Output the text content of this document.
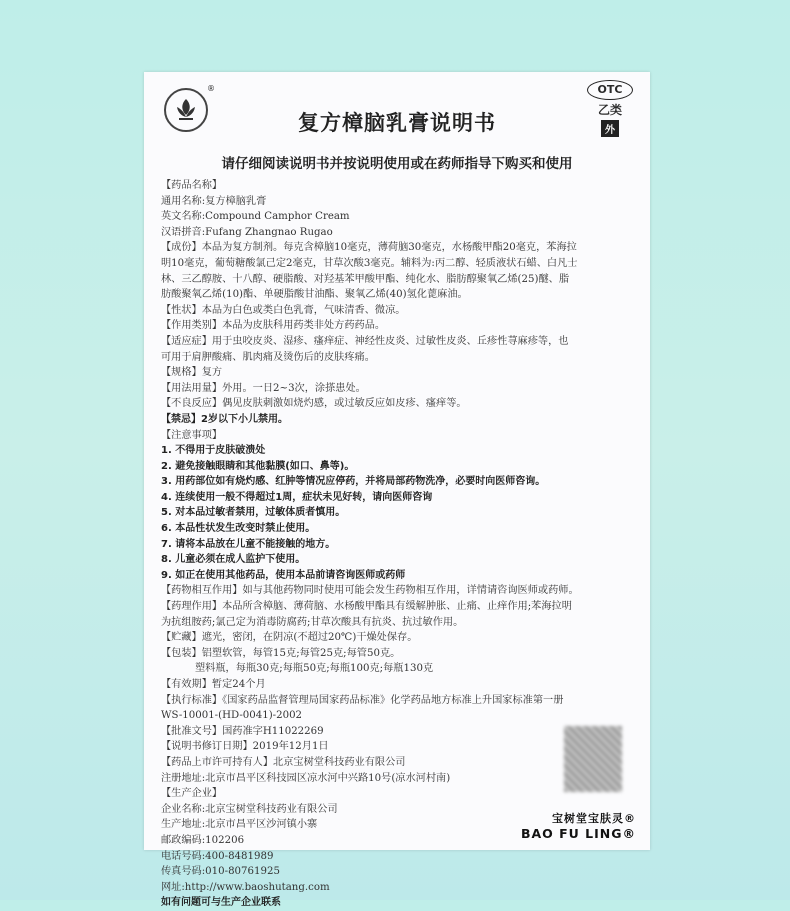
®
复方樟脑乳膏说明书
OTC
乙类
外
请仔细阅读说明书并按说明使用或在药师指导下购买和使用
【药品名称】
通用名称:复方樟脑乳膏
英文名称:Compound Camphor Cream
汉语拼音:Fufang Zhangnao Rugao
【成份】本品为复方制剂。每克含樟脑10毫克，薄荷脑30毫克，水杨酸甲酯20毫克，苯海拉
明10毫克，葡萄糖酸氯己定2毫克，甘草次酸3毫克。辅料为:丙二醇、轻质液状石蜡、白凡士
林、三乙醇胺、十八醇、硬脂酸、对羟基苯甲酸甲酯、纯化水、脂肪醇聚氧乙烯(25)醚、脂
肪酸聚氧乙烯(10)酯、单硬脂酸甘油酯、聚氧乙烯(40)氢化蓖麻油。
【性状】本品为白色或类白色乳膏，气味清香、微凉。
【作用类别】本品为皮肤科用药类非处方药药品。
【适应症】用于虫咬皮炎、湿疹、瘙痒症、神经性皮炎、过敏性皮炎、丘疹性荨麻疹等，也
可用于肩胛酸痛、肌肉痛及烫伤后的皮肤疼痛。
【规格】复方
【用法用量】外用。一日2~3次，涂搽患处。
【不良反应】偶见皮肤刺激如烧灼感，或过敏反应如皮疹、瘙痒等。
【禁忌】2岁以下小儿禁用。
【注意事项】
1. 不得用于皮肤破溃处
2. 避免接触眼睛和其他黏膜(如口、鼻等)。
3. 用药部位如有烧灼感、红肿等情况应停药，并将局部药物洗净，必要时向医师咨询。
4. 连续使用一般不得超过1周，症状未见好转，请向医师咨询
5. 对本品过敏者禁用，过敏体质者慎用。
6. 本品性状发生改变时禁止使用。
7. 请将本品放在儿童不能接触的地方。
8. 儿童必须在成人监护下使用。
9. 如正在使用其他药品，使用本品前请咨询医师或药师
【药物相互作用】如与其他药物同时使用可能会发生药物相互作用，详情请咨询医师或药师。
【药理作用】本品所含樟脑、薄荷脑、水杨酸甲酯具有缓解肿胀、止痛、止痒作用;苯海拉明
为抗组胺药;氯己定为消毒防腐药;甘草次酸具有抗炎、抗过敏作用。
【贮藏】遮光，密闭，在阴凉(不超过20℃)干燥处保存。
【包装】铝塑软管，每管15克;每管25克;每管50克。
塑料瓶，每瓶30克;每瓶50克;每瓶100克;每瓶130克
【有效期】暂定24个月
【执行标准】《国家药品监督管理局国家药品标准》化学药品地方标准上升国家标准第一册
WS-10001-(HD-0041)-2002
【批准文号】国药准字H11022269
【说明书修订日期】2019年12月1日
【药品上市许可持有人】北京宝树堂科技药业有限公司
注册地址:北京市昌平区科技园区凉水河中兴路10号(凉水河村南)
【生产企业】
企业名称:北京宝树堂科技药业有限公司
生产地址:北京市昌平区沙河镇小寨
邮政编码:102206
电话号码:400-8481989
传真号码:010-80761925
网址:http://www.baoshutang.com
如有问题可与生产企业联系
宝树堂宝肤灵®
BAO FU LING®
